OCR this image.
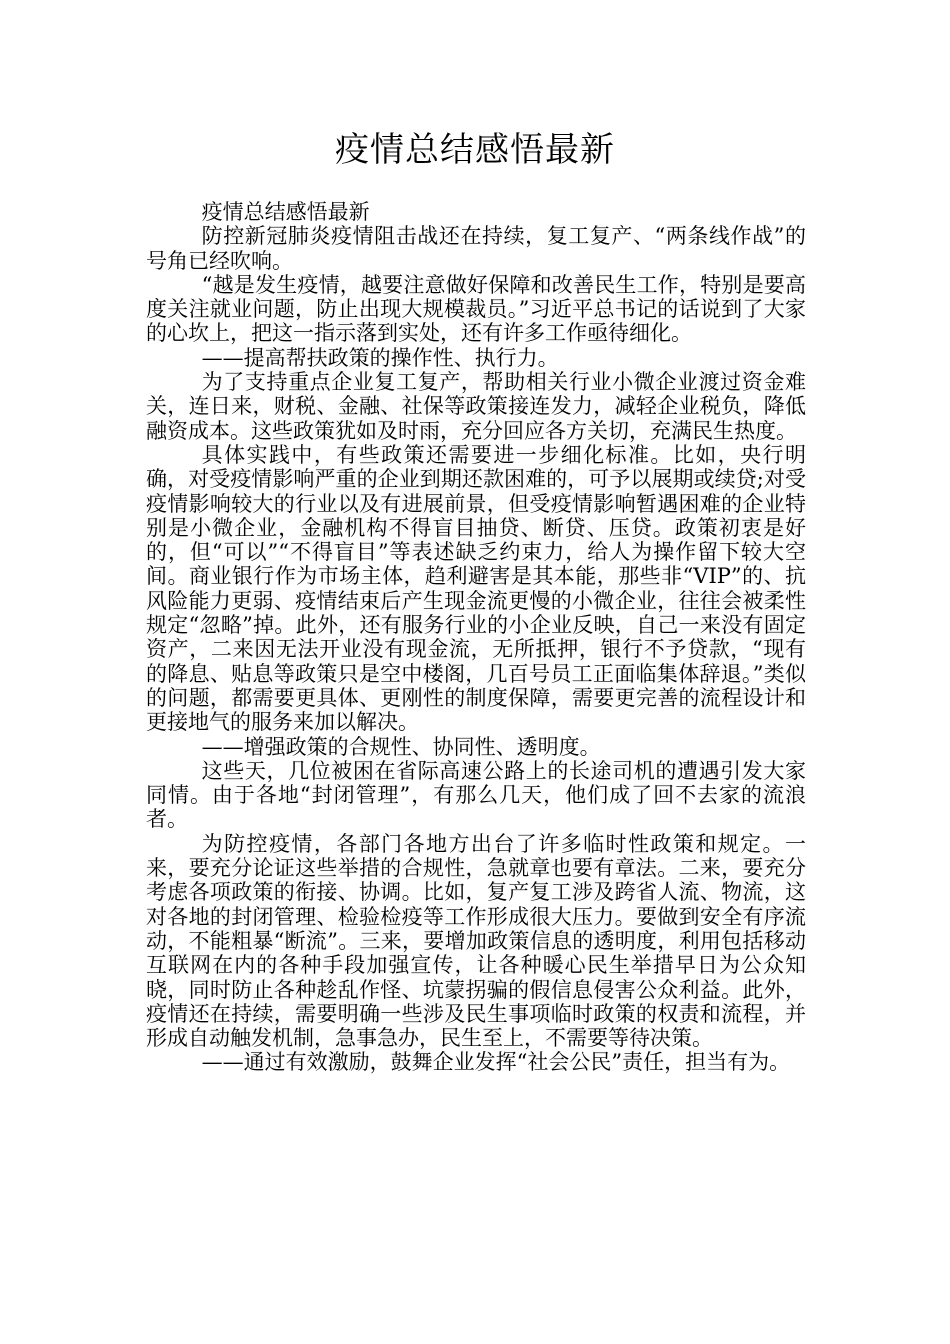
疫情总结感悟最新

疫情总结感悟最新

防控新冠肺炎疫情阻击战还在持续，复工复产、“两条线作战”的号角已经吹响。

“越是发生疫情，越要注意做好保障和改善民生工作，特别是要高度关注就业问题，防止出现大规模裁员。”习近平总书记的话说到了大家的心坎上，把这一指示落到实处，还有许多工作亟待细化。

——提高帮扶政策的操作性、执行力。

为了支持重点企业复工复产，帮助相关行业小微企业渡过资金难关，连日来，财税、金融、社保等政策接连发力，减轻企业税负，降低融资成本。这些政策犹如及时雨，充分回应各方关切，充满民生热度。

具体实践中，有些政策还需要进一步细化标准。比如，央行明确，对受疫情影响严重的企业到期还款困难的，可予以展期或续贷;对受疫情影响较大的行业以及有进展前景，但受疫情影响暂遇困难的企业特别是小微企业，金融机构不得盲目抽贷、断贷、压贷。政策初衷是好的，但“可以”“不得盲目”等表述缺乏约束力，给人为操作留下较大空间。商业银行作为市场主体，趋利避害是其本能，那些非“VIP”的、抗风险能力更弱、疫情结束后产生现金流更慢的小微企业，往往会被柔性规定“忽略”掉。此外，还有服务行业的小企业反映，自己一来没有固定资产，二来因无法开业没有现金流，无所抵押，银行不予贷款，“现有的降息、贴息等政策只是空中楼阁，几百号员工正面临集体辞退。”类似的问题，都需要更具体、更刚性的制度保障，需要更完善的流程设计和更接地气的服务来加以解决。

——增强政策的合规性、协同性、透明度。

这些天，几位被困在省际高速公路上的长途司机的遭遇引发大家同情。由于各地“封闭管理”，有那么几天，他们成了回不去家的流浪者。

为防控疫情，各部门各地方出台了许多临时性政策和规定。一来，要充分论证这些举措的合规性，急就章也要有章法。二来，要充分考虑各项政策的衔接、协调。比如，复产复工涉及跨省人流、物流，这对各地的封闭管理、检验检疫等工作形成很大压力。要做到安全有序流动，不能粗暴“断流”。三来，要增加政策信息的透明度，利用包括移动互联网在内的各种手段加强宣传，让各种暖心民生举措早日为公众知晓，同时防止各种趁乱作怪、坑蒙拐骗的假信息侵害公众利益。此外，疫情还在持续，需要明确一些涉及民生事项临时政策的权责和流程，并形成自动触发机制，急事急办，民生至上，不需要等待决策。

——通过有效激励，鼓舞企业发挥“社会公民”责任，担当有为。
